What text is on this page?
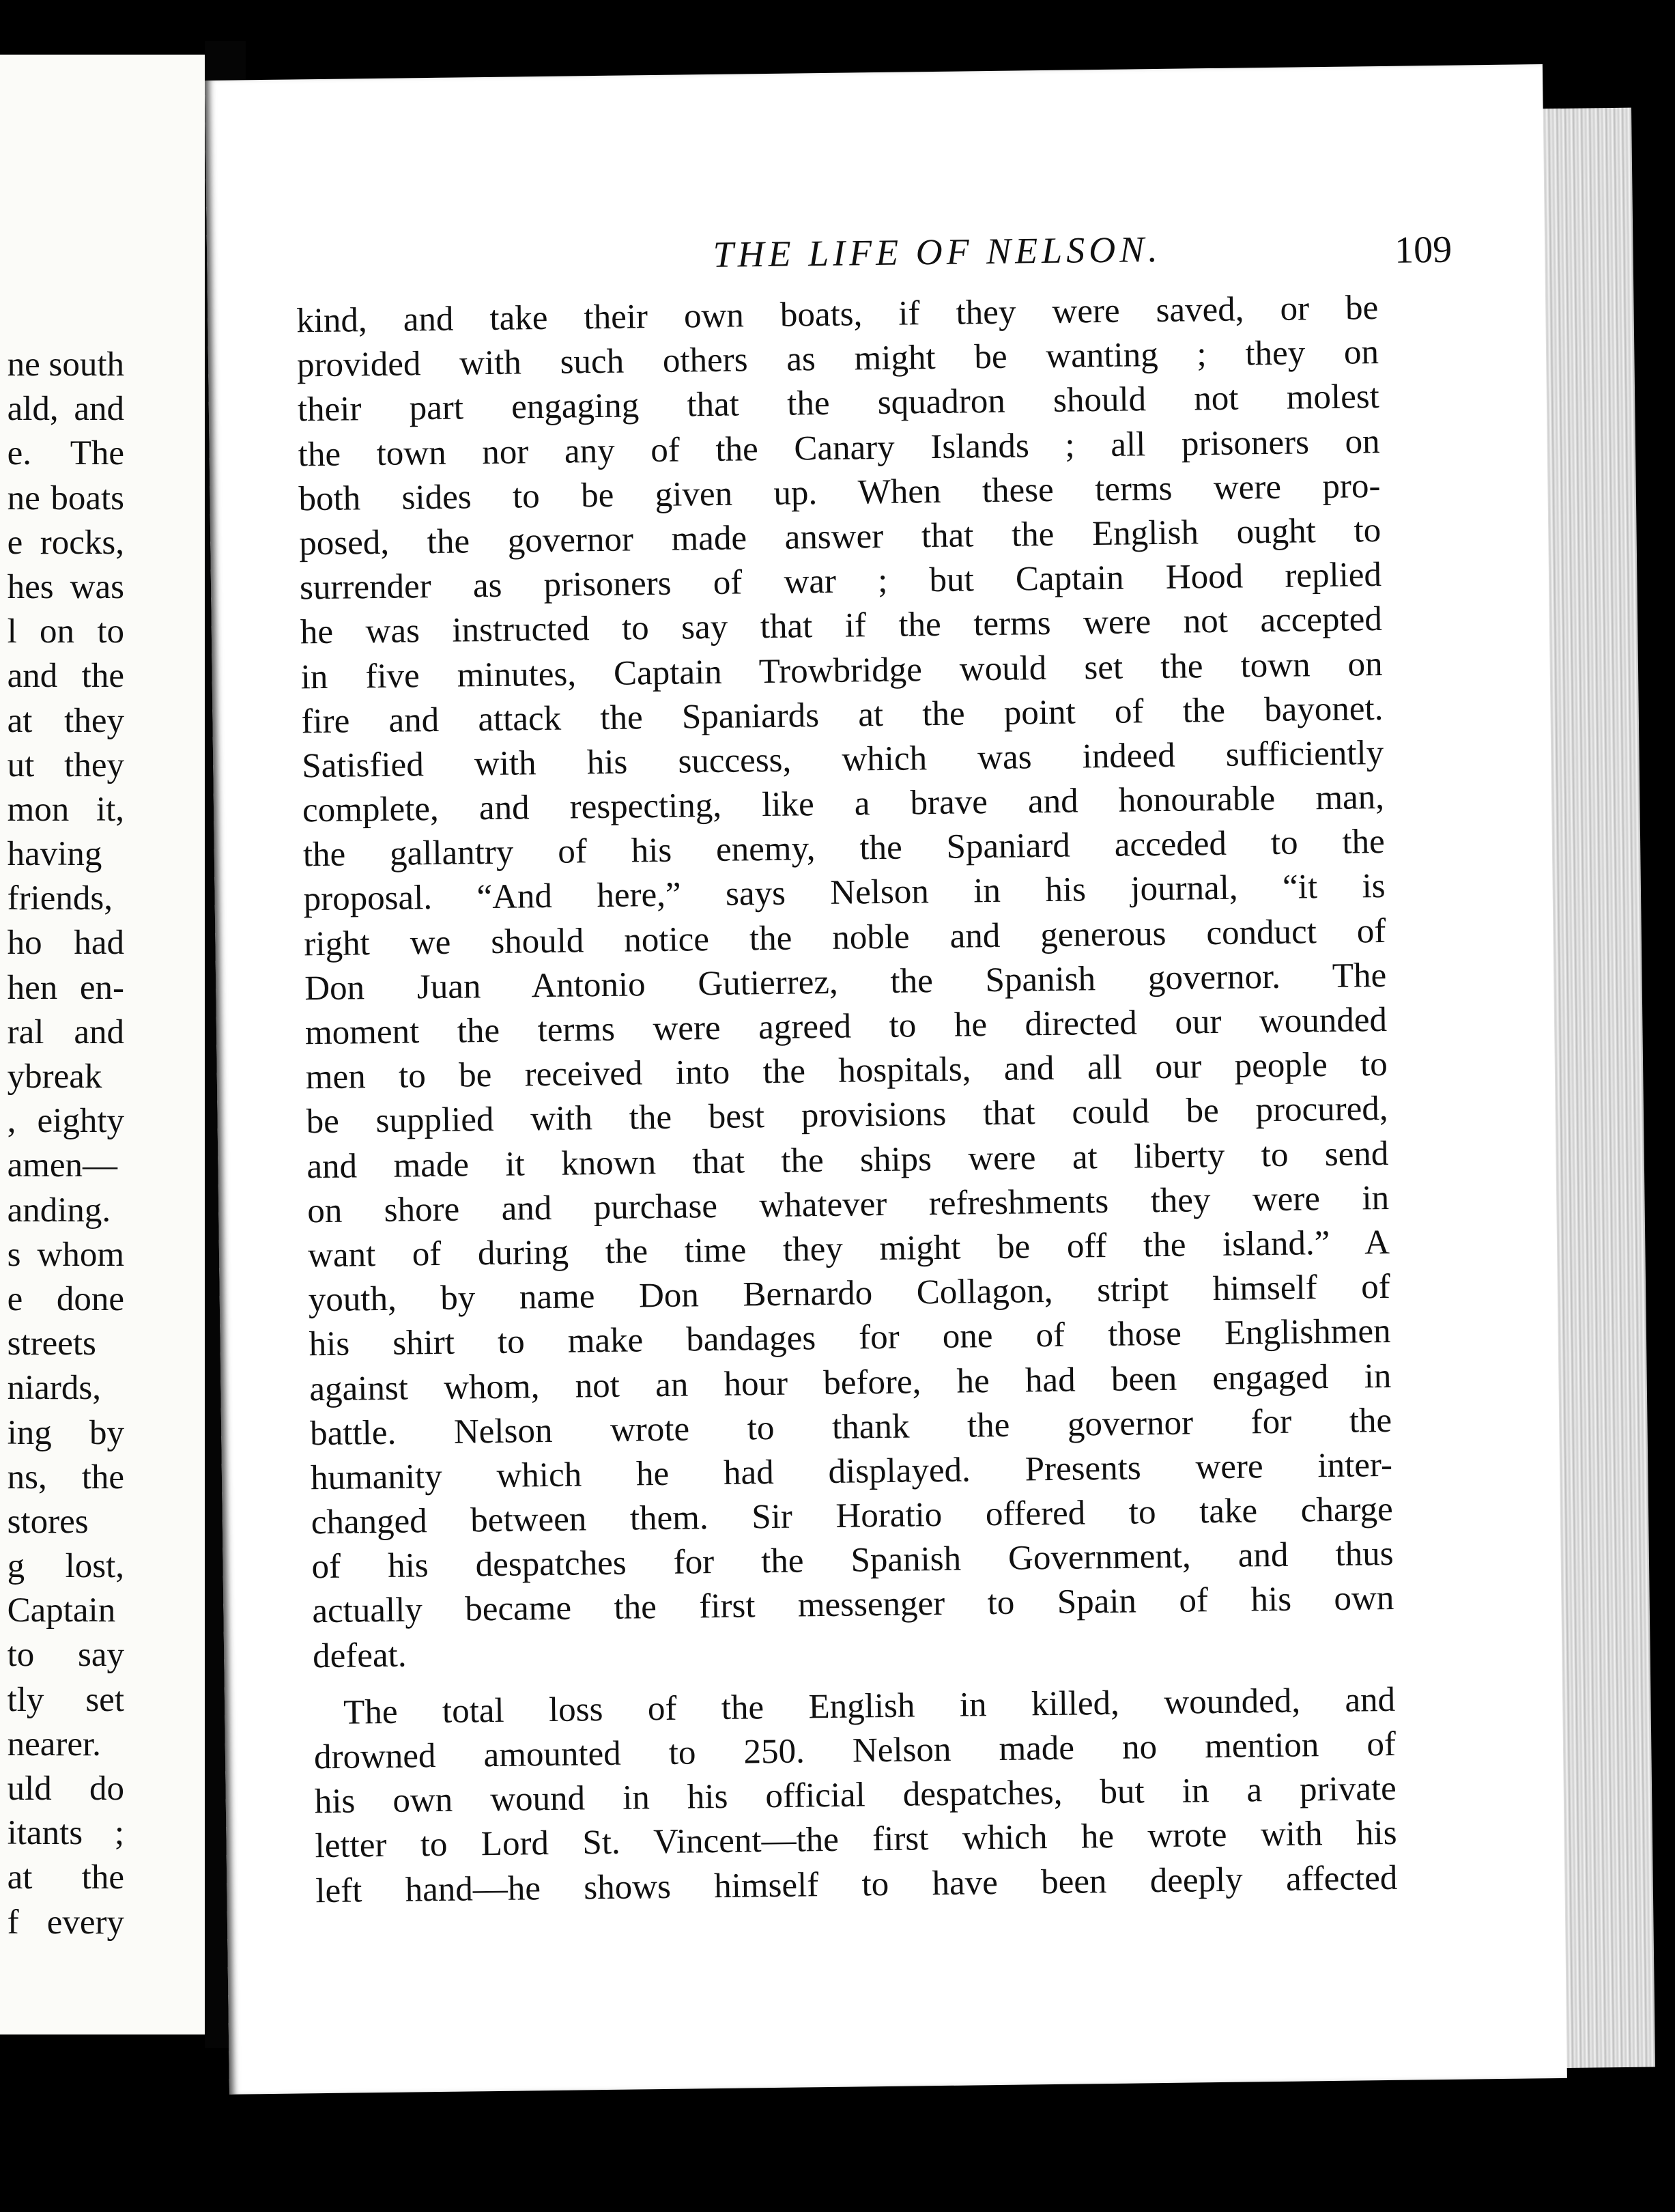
ne south
ald, and
e. The
ne boats
e rocks,
hes was
l on to
and the
at they
ut they
mon it,
having
friends,
ho had
hen en-
ral and
ybreak
, eighty
amen—
anding.
s whom
e done
streets
niards,
ing by
ns, the
stores
g lost,
Captain
to say
tly set
nearer.
uld do
itants ;
at the
f every
THE LIFE OF NELSON.	109
kind, and take their own boats, if they were saved, or be
provided with such others as might be wanting ; they on
their part engaging that the squadron should not molest
the town nor any of the Canary Islands ; all prisoners on
both sides to be given up. When these terms were pro-
posed, the governor made answer that the English ought to
surrender as prisoners of war ; but Captain Hood replied
he was instructed to say that if the terms were not accepted
in five minutes, Captain Trowbridge would set the town on
fire and attack the Spaniards at the point of the bayonet.
Satisfied with his success, which was indeed sufficiently
complete, and respecting, like a brave and honourable man,
the gallantry of his enemy, the Spaniard acceded to the
proposal. “And here,” says Nelson in his journal, “it is
right we should notice the noble and generous conduct of
Don Juan Antonio Gutierrez, the Spanish governor. The
moment the terms were agreed to he directed our wounded
men to be received into the hospitals, and all our people to
be supplied with the best provisions that could be procured,
and made it known that the ships were at liberty to send
on shore and purchase whatever refreshments they were in
want of during the time they might be off the island.” A
youth, by name Don Bernardo Collagon, stript himself of
his shirt to make bandages for one of those Englishmen
against whom, not an hour before, he had been engaged in
battle. Nelson wrote to thank the governor for the
humanity which he had displayed. Presents were inter-
changed between them. Sir Horatio offered to take charge
of his despatches for the Spanish Government, and thus
actually became the first messenger to Spain of his own
defeat.
The total loss of the English in killed, wounded, and
drowned amounted to 250. Nelson made no mention of
his own wound in his official despatches, but in a private
letter to Lord St. Vincent—the first which he wrote with his
left hand—he shows himself to have been deeply affected
